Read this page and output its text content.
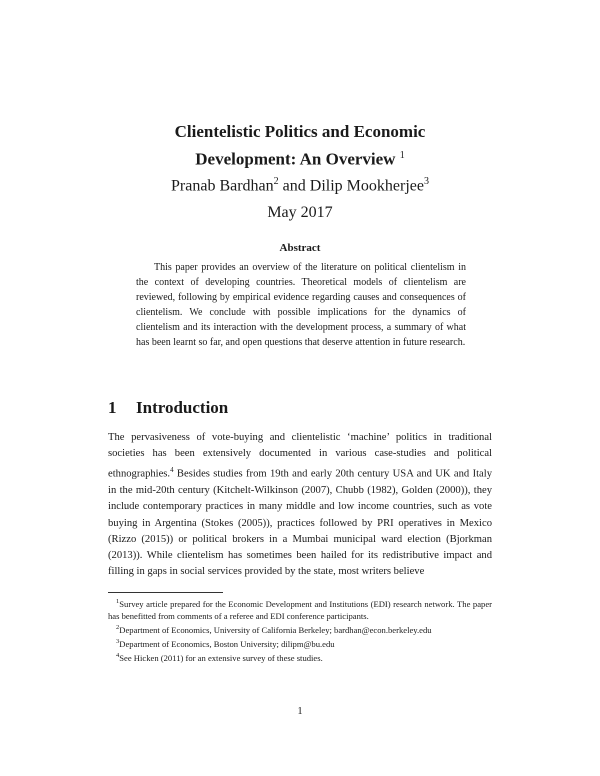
Clientelistic Politics and Economic
Development: An Overview $^1$
Pranab Bardhan$^2$ and Dilip Mookherjee$^3$
May 2017
Abstract
This paper provides an overview of the literature on political clientelism in the context of developing countries. Theoretical models of clientelism are reviewed, following by empirical evidence regarding causes and consequences of clientelism. We conclude with possible implications for the dynamics of clientelism and its interaction with the development process, a summary of what has been learnt so far, and open questions that deserve attention in future research.
1 Introduction
The pervasiveness of vote-buying and clientelistic ‘machine’ politics in traditional societies has been extensively documented in various case-studies and political ethnographies.$^4$ Besides studies from 19th and early 20th century USA and UK and Italy in the mid-20th century (Kitchelt-Wilkinson (2007), Chubb (1982), Golden (2000)), they include contemporary practices in many middle and low income countries, such as vote buying in Argentina (Stokes (2005)), practices followed by PRI operatives in Mexico (Rizzo (2015)) or political brokers in a Mumbai municipal ward election (Bjorkman (2013)). While clientelism has sometimes been hailed for its redistributive impact and filling in gaps in social services provided by the state, most writers believe

$^1$Survey article prepared for the Economic Development and Institutions (EDI) research network. The paper has benefitted from comments of a referee and EDI conference participants.

$^2$Department of Economics, University of California Berkeley; bardhan@econ.berkeley.edu

$^3$Department of Economics, Boston University; dilipm@bu.edu

$^4$See Hicken (2011) for an extensive survey of these studies.

1
